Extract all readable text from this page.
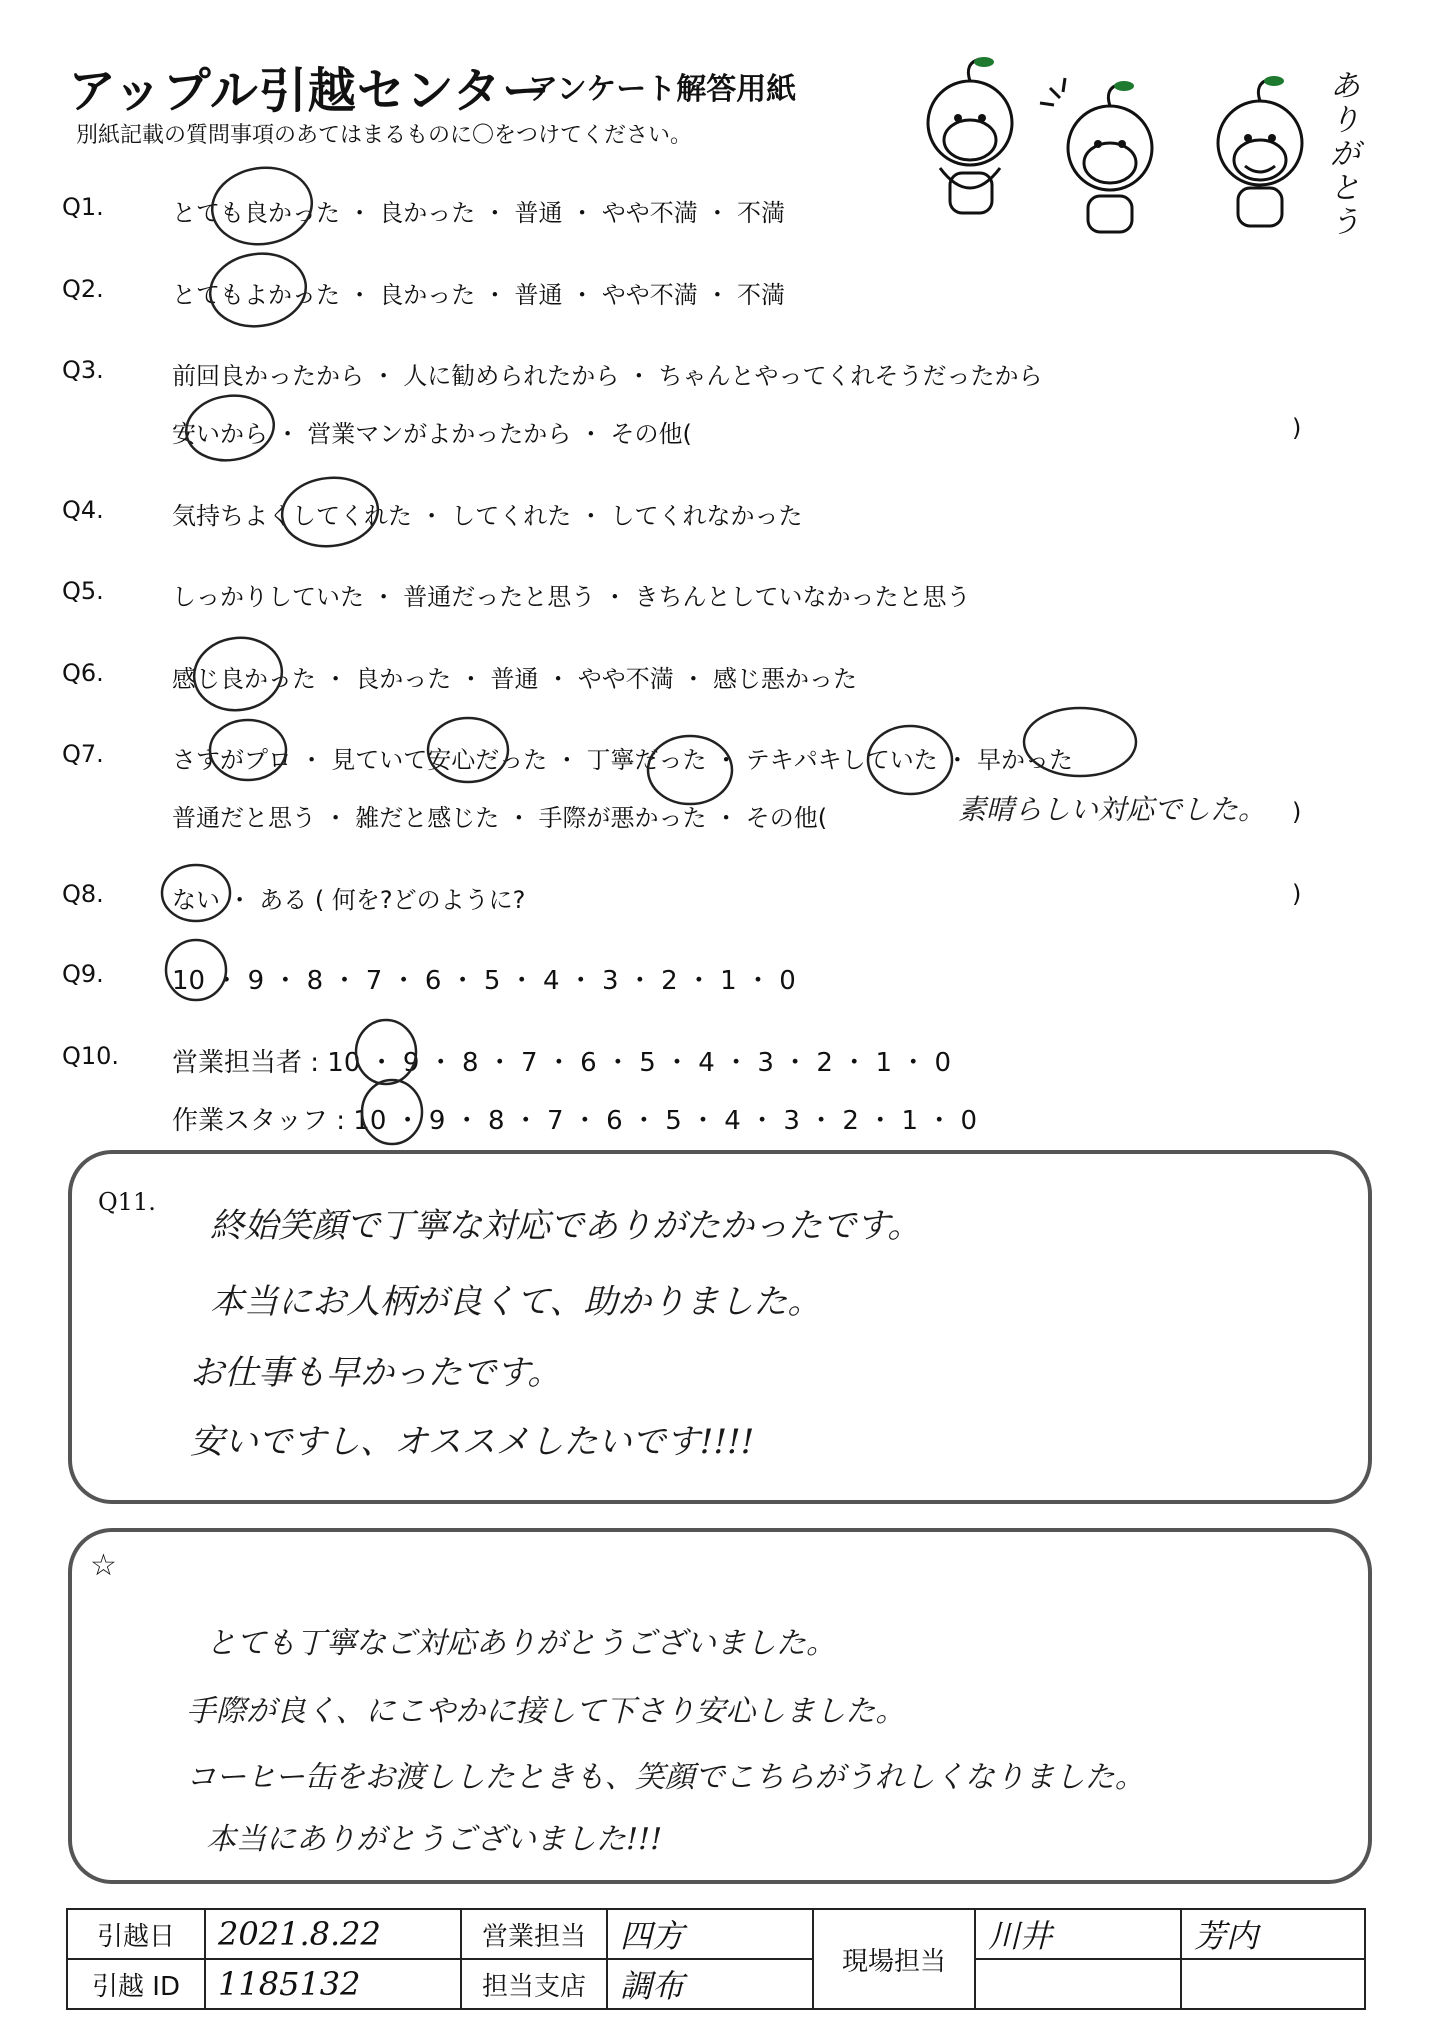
アップル引越センター
アンケート解答用紙
別紙記載の質問事項のあてはまるものに〇をつけてください。
ありがとう
Q1.	とても良かった ・ 良かった ・ 普通 ・ やや不満 ・ 不満
Q2.	とてもよかった ・ 良かった ・ 普通 ・ やや不満 ・ 不満
Q3.	前回良かったから ・ 人に勧められたから ・ ちゃんとやってくれそうだったから
安いから ・ 営業マンがよかったから ・ その他(	)
Q4.	気持ちよくしてくれた ・ してくれた ・ してくれなかった
Q5.	しっかりしていた ・ 普通だったと思う ・ きちんとしていなかったと思う
Q6.	感じ良かった ・ 良かった ・ 普通 ・ やや不満 ・ 感じ悪かった
Q7.	さすがプロ ・ 見ていて安心だった ・ 丁寧だった ・ テキパキしていた ・ 早かった
普通だと思う ・ 雑だと感じた ・ 手際が悪かった ・ その他(	素晴らしい対応でした。 )
Q8.	ない ・ ある ( 何を?どのように?	)
Q9.	10 ・ 9 ・ 8 ・ 7 ・ 6 ・ 5 ・ 4 ・ 3 ・ 2 ・ 1 ・ 0
Q10. 営業担当者 : 10 ・ 9 ・ 8 ・ 7 ・ 6 ・ 5 ・ 4 ・ 3 ・ 2 ・ 1 ・ 0
作業スタッフ : 10 ・ 9 ・ 8 ・ 7 ・ 6 ・ 5 ・ 4 ・ 3 ・ 2 ・ 1 ・ 0
Q11.
終始笑顔で丁寧な対応でありがたかったです。
本当にお人柄が良くて、助かりました。
お仕事も早かったです。
安いですし、オススメしたいです!!!!
☆
とても丁寧なご対応ありがとうございました。
手際が良く、にこやかに接して下さり安心しました。
コーヒー缶をお渡ししたときも、笑顔でこちらがうれしくなりました。
本当にありがとうございました!!!
引越日	2021.8.22	営業担当	四方	現場担当	川井	芳内
引越 ID	1185132	担当支店	調布			
